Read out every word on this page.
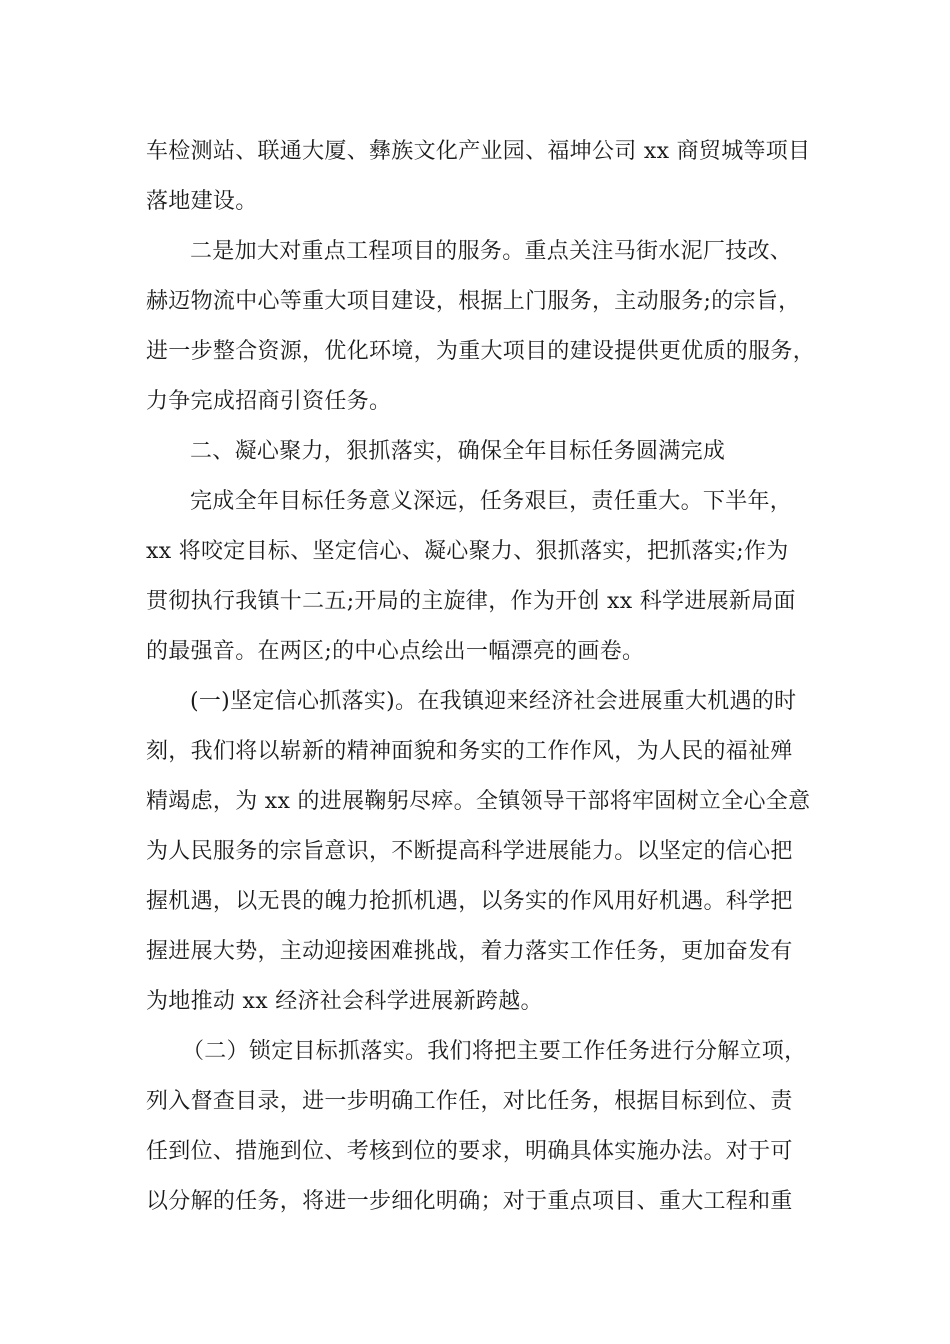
车检测站、联通大厦、彝族文化产业园、福坤公司 xx 商贸城等项目
落地建设。
二是加大对重点工程项目的服务。重点关注马街水泥厂技改、
赫迈物流中心等重大项目建设，根据上门服务，主动服务;的宗旨，
进一步整合资源，优化环境，为重大项目的建设提供更优质的服务，
力争完成招商引资任务。
二、凝心聚力，狠抓落实，确保全年目标任务圆满完成
完成全年目标任务意义深远，任务艰巨，责任重大。下半年，
xx 将咬定目标、坚定信心、凝心聚力、狠抓落实，把抓落实;作为
贯彻执行我镇十二五;开局的主旋律，作为开创 xx 科学进展新局面
的最强音。在两区;的中心点绘出一幅漂亮的画卷。
(一)坚定信心抓落实)。在我镇迎来经济社会进展重大机遇的时
刻，我们将以崭新的精神面貌和务实的工作作风，为人民的福祉殚
精竭虑，为 xx 的进展鞠躬尽瘁。全镇领导干部将牢固树立全心全意
为人民服务的宗旨意识，不断提高科学进展能力。以坚定的信心把
握机遇，以无畏的魄力抢抓机遇，以务实的作风用好机遇。科学把
握进展大势，主动迎接困难挑战，着力落实工作任务，更加奋发有
为地推动 xx 经济社会科学进展新跨越。
（二）锁定目标抓落实。我们将把主要工作任务进行分解立项，
列入督查目录，进一步明确工作任，对比任务，根据目标到位、责
任到位、措施到位、考核到位的要求，明确具体实施办法。对于可
以分解的任务，将进一步细化明确；对于重点项目、重大工程和重
